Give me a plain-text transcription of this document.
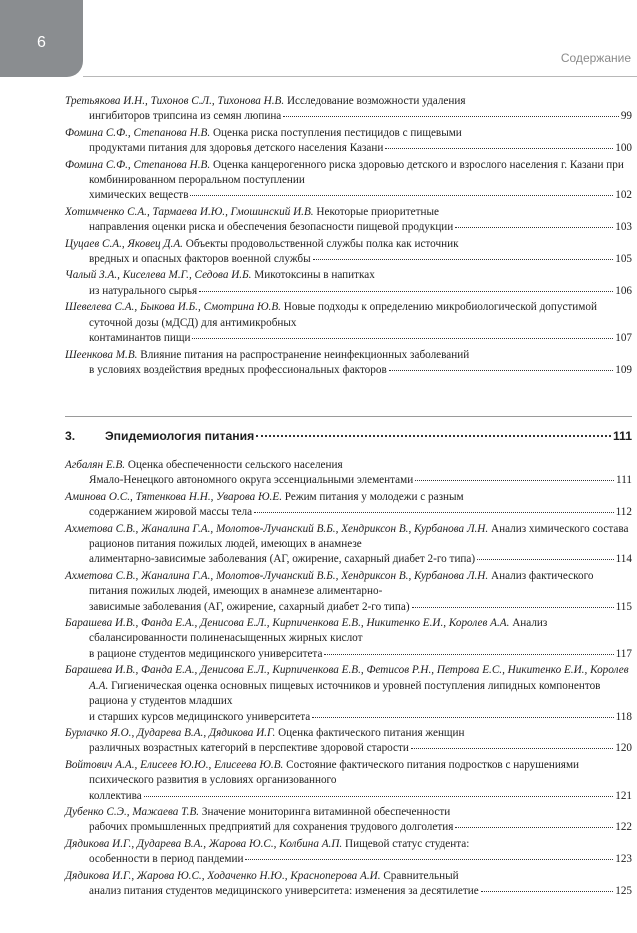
6
Содержание
Третьякова И.Н., Тихонов С.Л., Тихонова Н.В. Исследование возможности удаления
ингибиторов трипсина из семян люпина	99
Фомина С.Ф., Степанова Н.В. Оценка риска поступления пестицидов с пищевыми
продуктами питания для здоровья детского населения Казани	100
Фомина С.Ф., Степанова Н.В. Оценка канцерогенного риска здоровью детского и взрослого населения г. Казани при комбинированном пероральном поступлении
химических веществ	102
Хотимченко С.А., Тармаева И.Ю., Гмошинский И.В. Некоторые приоритетные
направления оценки риска и обеспечения безопасности пищевой продукции	103
Цуцаев С.А., Яковец Д.А. Объекты продовольственной службы полка как источник
вредных и опасных факторов военной службы	105
Чалый З.А., Киселева М.Г., Седова И.Б. Микотоксины в напитках
из натурального сырья	106
Шевелева С.А., Быкова И.Б., Смотрина Ю.В. Новые подходы к определению микробиологической допустимой суточной дозы (мДСД) для антимикробных
контаминантов пищи	107
Шеенкова М.В. Влияние питания на распространение неинфекционных заболеваний
в условиях воздействия вредных профессиональных факторов	109
3.	Эпидемиология питания	111
Агбалян Е.В. Оценка обеспеченности сельского населения
Ямало-Ненецкого автономного округа эссенциальными элементами	111
Аминова О.С., Тятенкова Н.Н., Уварова Ю.Е. Режим питания у молодежи с разным
содержанием жировой массы тела	112
Ахметова С.В., Жаналина Г.А., Молотов-Лучанский В.Б., Хендриксон В., Курбанова Л.Н. Анализ химического состава рационов питания пожилых людей, имеющих в анамнезе
алиментарно-зависимые заболевания (АГ, ожирение, сахарный диабет 2-го типа)	114
Ахметова С.В., Жаналина Г.А., Молотов-Лучанский В.Б., Хендриксон В., Курбанова Л.Н. Анализ фактического питания пожилых людей, имеющих в анамнезе алиментарно-
зависимые заболевания (АГ, ожирение, сахарный диабет 2-го типа)	115
Барашева И.В., Фанда Е.А., Денисова Е.Л., Кирпиченкова Е.В., Никитенко Е.И., Королев А.А. Анализ сбалансированности полиненасыщенных жирных кислот
в рационе студентов медицинского университета	117
Барашева И.В., Фанда Е.А., Денисова Е.Л., Кирпиченкова Е.В., Фетисов Р.Н., Петрова Е.С., Никитенко Е.И., Королев А.А. Гигиеническая оценка основных пищевых источников и уровней поступления липидных компонентов рациона у студентов младших
и старших курсов медицинского университета	118
Бурлачко Я.О., Дударева В.А., Дядикова И.Г. Оценка фактического питания женщин
различных возрастных категорий в перспективе здоровой старости	120
Войтович А.А., Елисеев Ю.Ю., Елисеева Ю.В. Состояние фактического питания подростков с нарушениями психического развития в условиях организованного
коллектива	121
Дубенко С.Э., Мажаева Т.В. Значение мониторинга витаминной обеспеченности
рабочих промышленных предприятий для сохранения трудового долголетия	122
Дядикова И.Г., Дударева В.А., Жарова Ю.С., Колбина А.П. Пищевой статус студента:
особенности в период пандемии	123
Дядикова И.Г., Жарова Ю.С., Ходаченко Н.Ю., Красноперова А.И. Сравнительный
анализ питания студентов медицинского университета: изменения за десятилетие	125
